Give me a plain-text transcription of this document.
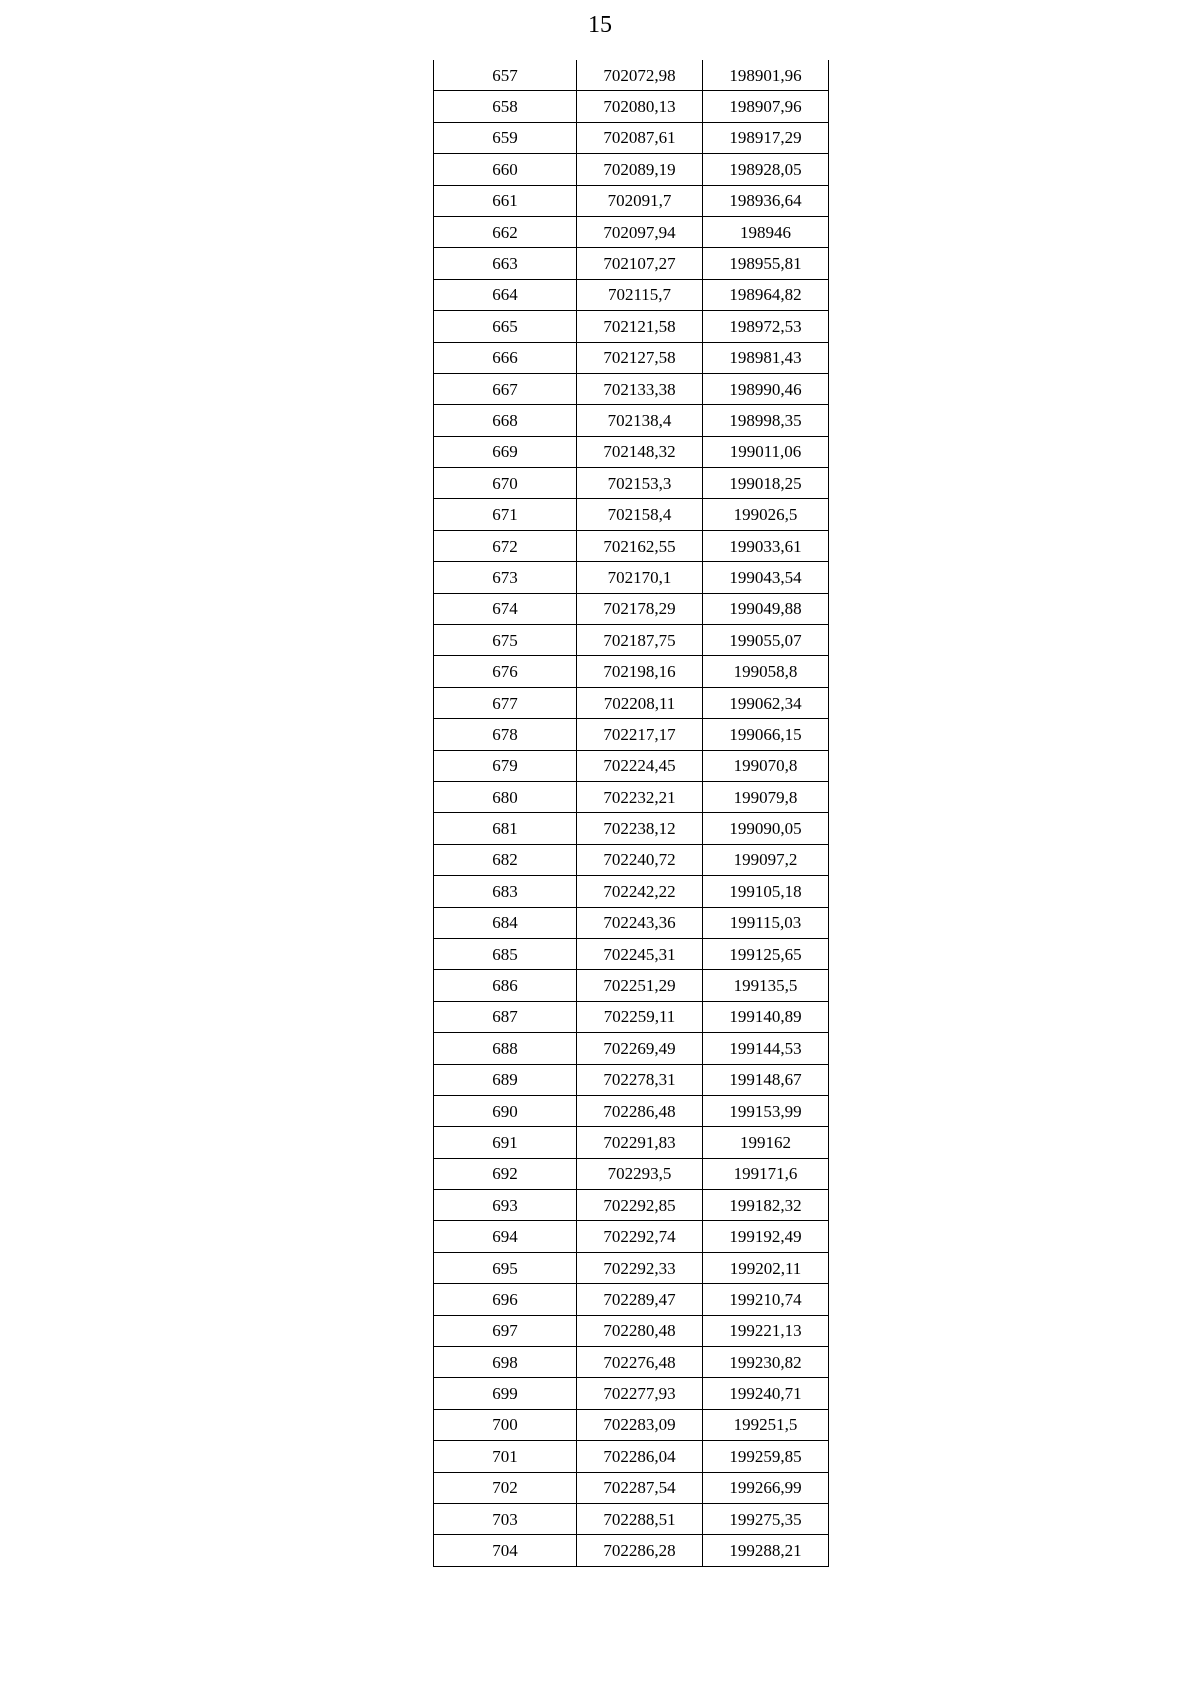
15
657	702072,98	198901,96
658	702080,13	198907,96
659	702087,61	198917,29
660	702089,19	198928,05
661	702091,7	198936,64
662	702097,94	198946
663	702107,27	198955,81
664	702115,7	198964,82
665	702121,58	198972,53
666	702127,58	198981,43
667	702133,38	198990,46
668	702138,4	198998,35
669	702148,32	199011,06
670	702153,3	199018,25
671	702158,4	199026,5
672	702162,55	199033,61
673	702170,1	199043,54
674	702178,29	199049,88
675	702187,75	199055,07
676	702198,16	199058,8
677	702208,11	199062,34
678	702217,17	199066,15
679	702224,45	199070,8
680	702232,21	199079,8
681	702238,12	199090,05
682	702240,72	199097,2
683	702242,22	199105,18
684	702243,36	199115,03
685	702245,31	199125,65
686	702251,29	199135,5
687	702259,11	199140,89
688	702269,49	199144,53
689	702278,31	199148,67
690	702286,48	199153,99
691	702291,83	199162
692	702293,5	199171,6
693	702292,85	199182,32
694	702292,74	199192,49
695	702292,33	199202,11
696	702289,47	199210,74
697	702280,48	199221,13
698	702276,48	199230,82
699	702277,93	199240,71
700	702283,09	199251,5
701	702286,04	199259,85
702	702287,54	199266,99
703	702288,51	199275,35
704	702286,28	199288,21
